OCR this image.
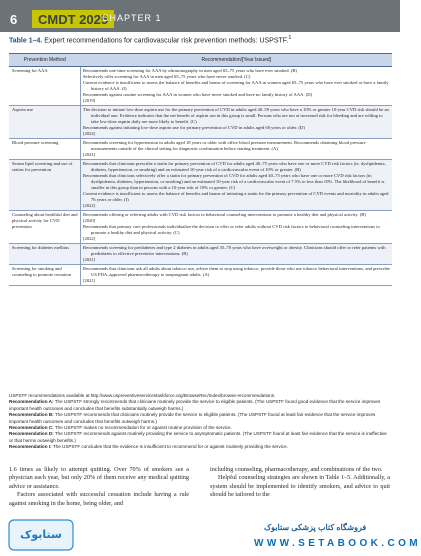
6	CMDT 2025
CHAPTER 1
Table 1–4. Expert recommendations for cardiovascular risk prevention methods: USPSTF.$^1$
Prevention Method	Recommendation/[Year Issued]
Screening for AAA	Recommends one-time screening for AAA by ultrasonography in men aged 65–75 years who have ever smoked. (B)

Selectively offer screening for AAA in men aged 65–75 years who have never smoked. (C)

Current evidence is insufficient to assess the balance of benefits and harms of screening for AAA in women aged 65–75 years who have ever smoked or have a family history of AAA. (I)

Recommends against routine screening for AAA in women who have never smoked and have no family history of AAA. (D)

[2019]

Aspirin use	The decision to initiate low-dose aspirin use for the primary prevention of CVD in adults aged 40–59 years who have a 10% or greater 10-year CVD risk should be an individual one. Evidence indicates that the net benefit of aspirin use in this group is small. Persons who are not at increased risk for bleeding and are willing to take low-dose aspirin daily are more likely to benefit. (C)

Recommends against initiating low-dose aspirin use for primary prevention of CVD in adults aged 60 years or older. (D)

[2022]

Blood pressure screening	Recommends screening for hypertension in adults aged 18 years or older with office blood pressure measurement. Recommends obtaining blood pressure measurements outside of the clinical setting for diagnostic confirmation before starting treatment. (A)

[2021]

Serum lipid screening and use of statins for prevention	Recommends that clinicians prescribe a statin for primary prevention of CVD for adults aged 40–75 years who have one or more CVD risk factors (ie, dyslipidemia, diabetes, hypertension, or smoking) and an estimated 10-year risk of a cardiovascular event of 10% or greater. (B)

Recommends that clinicians selectively offer a statin for primary prevention of CVD for adults aged 40–75 years who have one or more CVD risk factors (ie, dyslipidemia, diabetes, hypertension, or smoking) and an estimated 10-year risk of a cardiovascular event of 7.5% to less than 10%. The likelihood of benefit is smaller in this group than in persons with a 10-year risk of 10% or greater. (C)

Current evidence is insufficient to assess the balance of benefits and harms of initiating a statin for the primary prevention of CVD events and mortality in adults aged 76 years or older. (I)

[2022]

Counseling about healthful diet and physical activity for CVD prevention	Recommends offering or referring adults with CVD risk factors to behavioral counseling interventions to promote a healthy diet and physical activity. (B)

[2020]

Recommends that primary care professionals individualize the decision to offer or refer adults without CVD risk factors to behavioral counseling interventions to promote a healthy diet and physical activity. (C)

[2022]

Screening for diabetes mellitus	Recommends screening for prediabetes and type 2 diabetes in adults aged 35–70 years who have overweight or obesity. Clinicians should offer or refer patients with prediabetes to effective preventive interventions. (B)

[2021]

Screening for smoking and counseling to promote cessation	Recommends that clinicians ask all adults about tobacco use, advise them to stop using tobacco, provide those who use tobacco behavioral interventions, and prescribe US FDA–approved pharmacotherapy to nonpregnant adults. (A)

[2021]

USPSTF recommendations available at http://www.uspreventiveservicestaskforce.org/BrowseRec/Index/browse-recommendations.

Recommendation A: The USPSTF strongly recommends that clinicians routinely provide the service to eligible patients. (The USPSTF found good evidence that the service improves important health outcomes and concludes that benefits substantially outweigh harms.)

Recommendation B: The USPSTF recommends that clinicians routinely provide the service to eligible patients. (The USPSTF found at least fair evidence that the service improves important health outcomes and concludes that benefits outweigh harms.)

Recommendation C: The USPSTF makes no recommendation for or against routine provision of the service.

Recommendation D: The USPSTF recommends against routinely providing the service to asymptomatic patients. (The USPSTF found at least fair evidence that the service is ineffective or that harms outweigh benefits.)

Recommendation I: The USPSTF concludes that the evidence is insufficient to recommend for or against routinely providing the service.

1.6 times as likely to attempt quitting. Over 70% of smokers see a physician each year, but only 20% of them receive any medical quitting advice or assistance.

Factors associated with successful cessation include having a rule against smoking in the home, being older, and

including counseling, pharmacotherapy, and combinations of the two.

Helpful counseling strategies are shown in Table 1–5. Additionally, a system should be implemented to identify smokers, and advice to quit should be tailored to the

ستابوک
فروشگاه کتاب پزشکی ستابوک
WWW.SETABOOK.COM
